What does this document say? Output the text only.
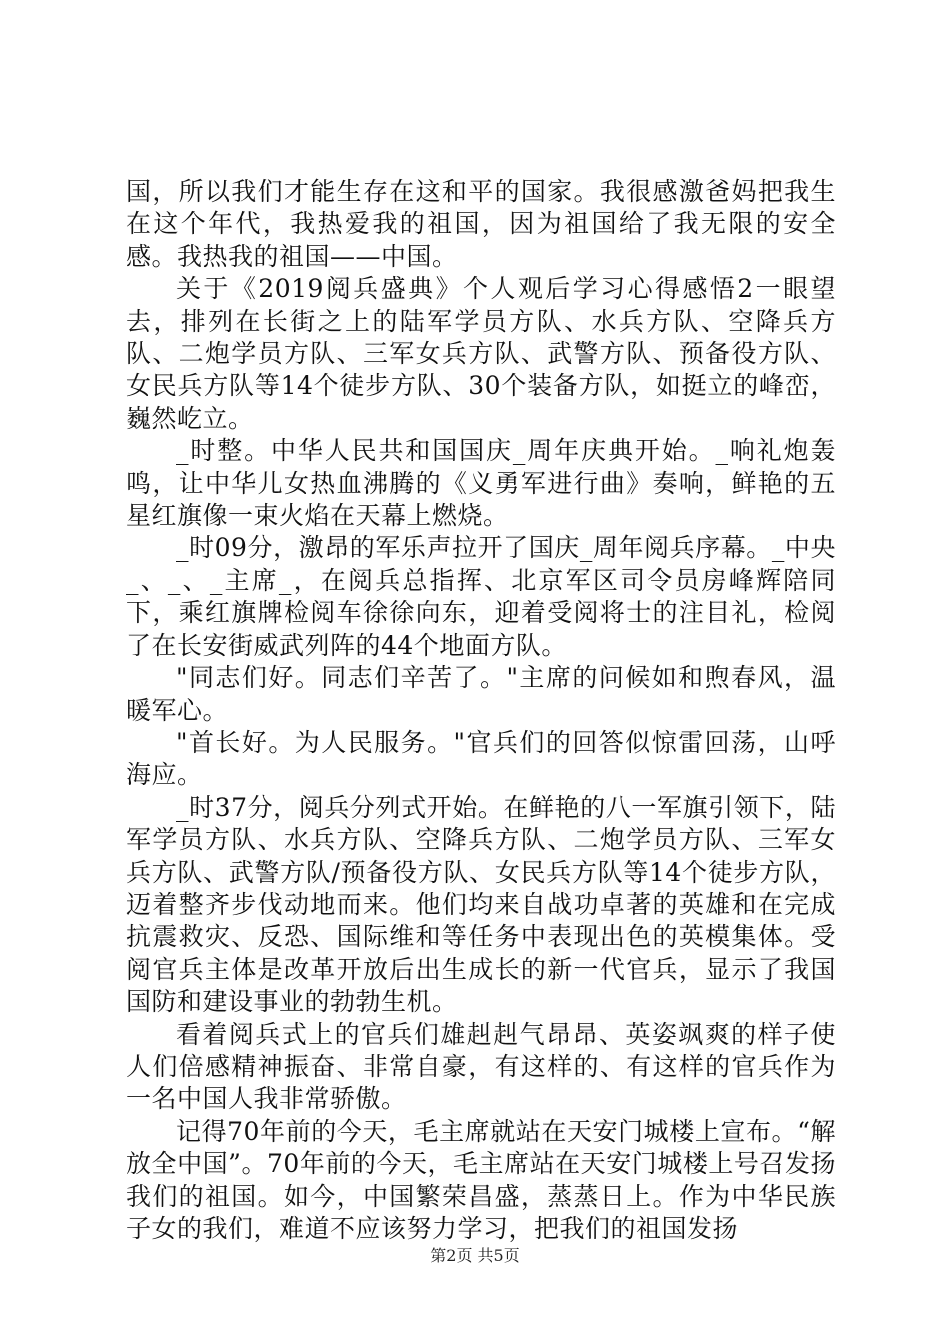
国，所以我们才能生存在这和平的国家。我很感激爸妈把我生在这个年代，我热爱我的祖国，因为祖国给了我无限的安全感。我热我的祖国——中国。

关于《2019阅兵盛典》个人观后学习心得感悟2一眼望去，排列在长街之上的陆军学员方队、水兵方队、空降兵方队、二炮学员方队、三军女兵方队、武警方队、预备役方队、女民兵方队等14个徒步方队、30个装备方队，如挺立的峰峦，巍然屹立。

_时整。中华人民共和国国庆_周年庆典开始。_响礼炮轰鸣，让中华儿女热血沸腾的《义勇军进行曲》奏响，鲜艳的五星红旗像一束火焰在天幕上燃烧。

_时09分，激昂的军乐声拉开了国庆_周年阅兵序幕。_中央_、_、_主席_，在阅兵总指挥、北京军区司令员房峰辉陪同下，乘红旗牌检阅车徐徐向东，迎着受阅将士的注目礼，检阅了在长安街威武列阵的44个地面方队。

"同志们好。同志们辛苦了。"主席的问候如和煦春风，温暖军心。

"首长好。为人民服务。"官兵们的回答似惊雷回荡，山呼海应。

_时37分，阅兵分列式开始。在鲜艳的八一军旗引领下，陆军学员方队、水兵方队、空降兵方队、二炮学员方队、三军女兵方队、武警方队/预备役方队、女民兵方队等14个徒步方队，迈着整齐步伐动地而来。他们均来自战功卓著的英雄和在完成抗震救灾、反恐、国际维和等任务中表现出色的英模集体。受阅官兵主体是改革开放后出生成长的新一代官兵，显示了我国国防和建设事业的勃勃生机。

看着阅兵式上的官兵们雄赳赳气昂昂、英姿飒爽的样子使人们倍感精神振奋、非常自豪，有这样的、有这样的官兵作为一名中国人我非常骄傲。

记得70年前的今天，毛主席就站在天安门城楼上宣布。“解放全中国”。70年前的今天，毛主席站在天安门城楼上号召发扬我们的祖国。如今，中国繁荣昌盛，蒸蒸日上。作为中华民族子女的我们，难道不应该努力学习，把我们的祖国发扬

第2页 共5页
